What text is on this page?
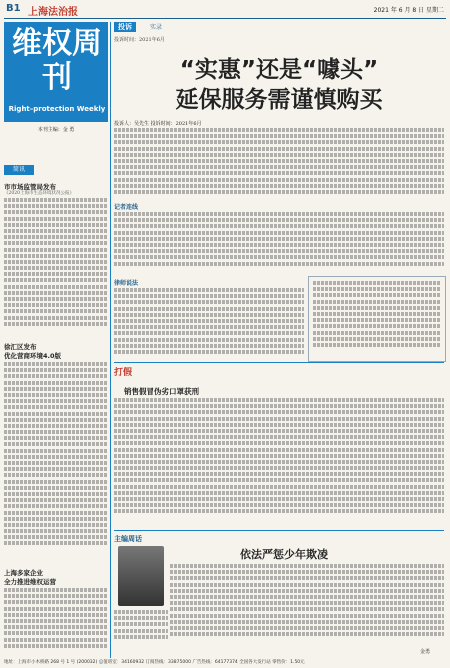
B1 上海法治报	2021 年 6 月 8 日 星期二
维权周刊
Right–protection Weekly
本刊主编：金 勇
简讯
市市场监管局发布
《2020上海市生态环境状况公报》
徐汇区发布
优化营商环境4.0版
上海多家企业
全力推进维权运营
投诉	实录
投诉时间：2021年6月
“实惠”还是“噱头”
延保服务需谨慎购买
投诉人：吴先生 投诉时间：2021年6月
记者连线
律师说法
打假
销售假冒伪劣口罩获刑
主编周话
依法严惩少年欺凌
金勇
地址：上海市小木桥路 268 号 1 号 (200032) 总值班室：34160932 订阅热线：33875000 广告热线：64177374 全国各大发行站 零售价：1.50元
